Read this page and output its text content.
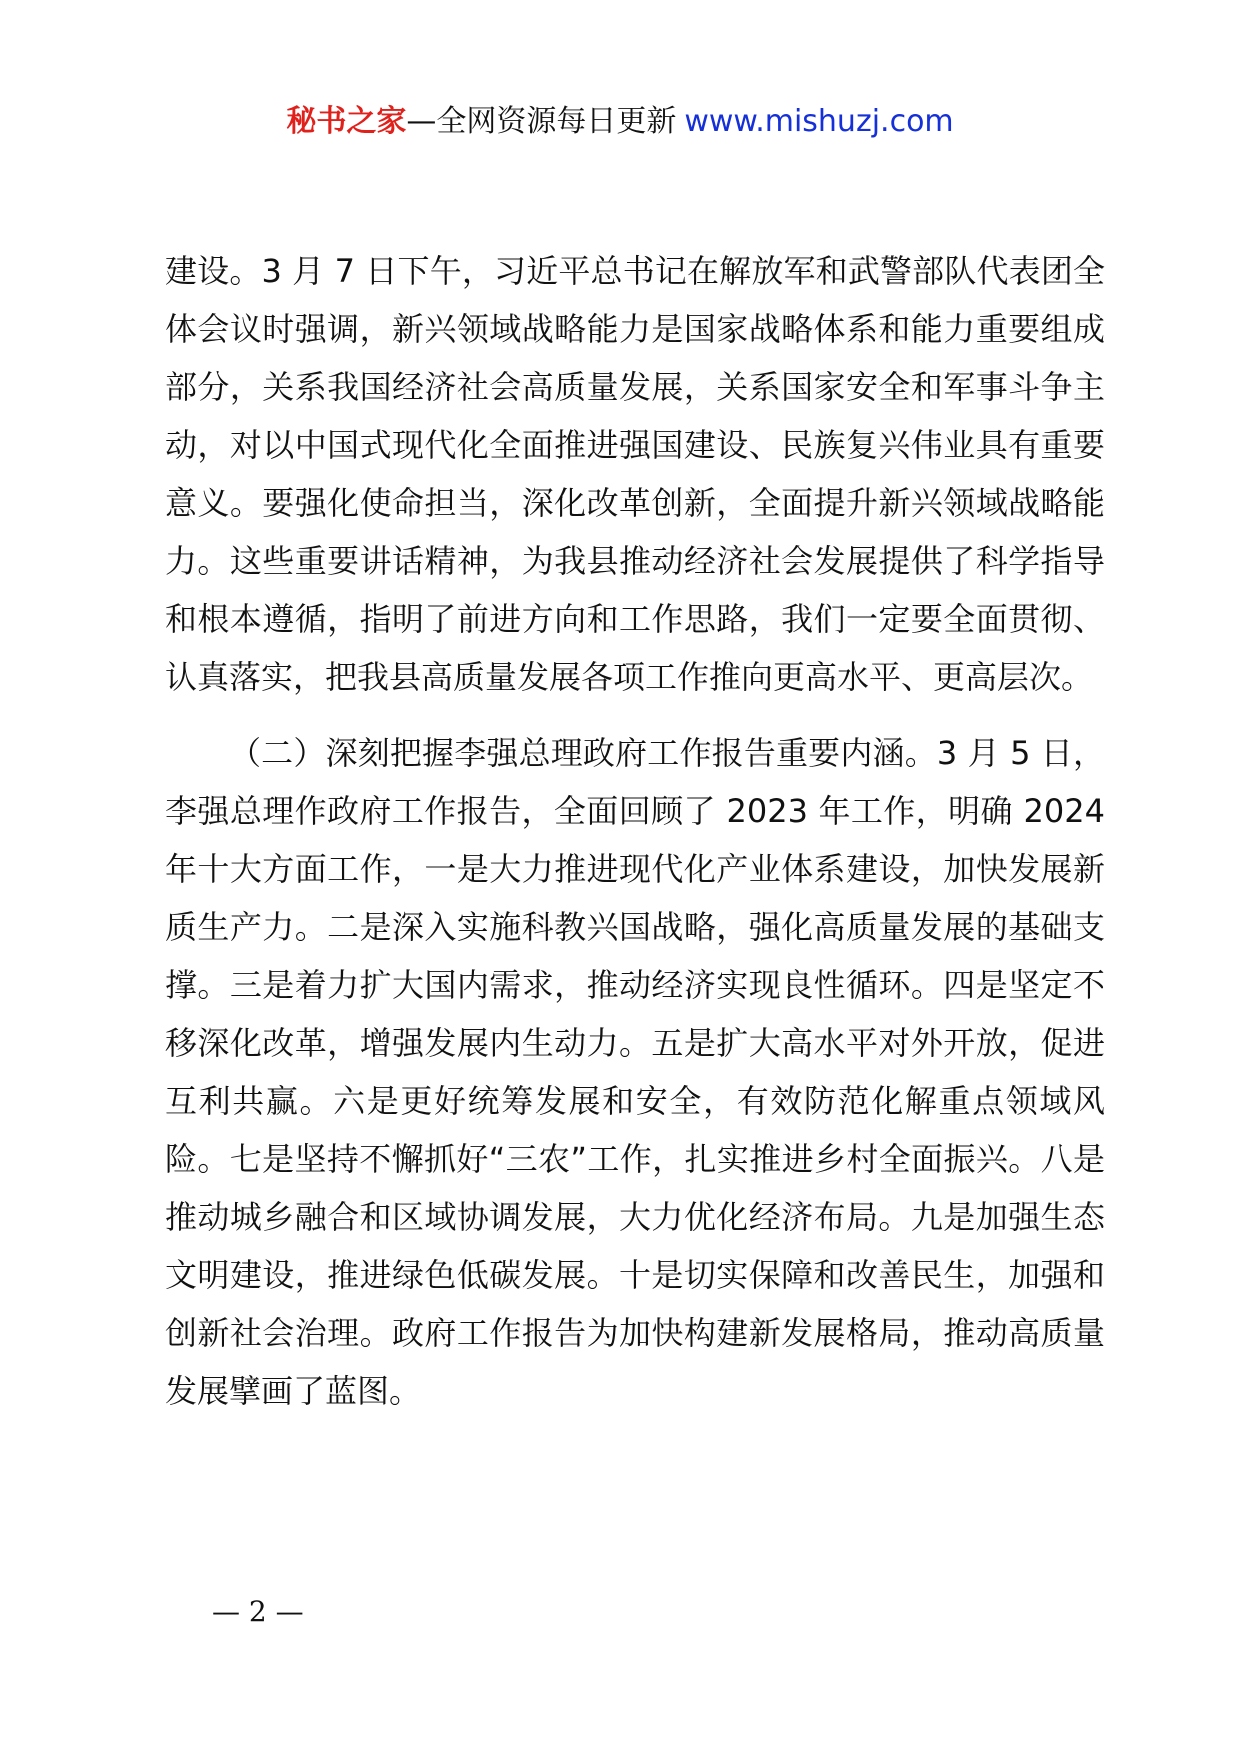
秘书之家—全网资源每日更新 www.mishuzj.com

建设。3 月 7 日下午，习近平总书记在解放军和武警部队代表团全体会议时强调，新兴领域战略能力是国家战略体系和能力重要组成部分，关系我国经济社会高质量发展，关系国家安全和军事斗争主动，对以中国式现代化全面推进强国建设、民族复兴伟业具有重要意义。要强化使命担当，深化改革创新，全面提升新兴领域战略能力。这些重要讲话精神，为我县推动经济社会发展提供了科学指导和根本遵循，指明了前进方向和工作思路，我们一定要全面贯彻、认真落实，把我县高质量发展各项工作推向更高水平、更高层次。

（二）深刻把握李强总理政府工作报告重要内涵。3 月 5 日，李强总理作政府工作报告，全面回顾了 2023 年工作，明确 2024 年十大方面工作，一是大力推进现代化产业体系建设，加快发展新质生产力。二是深入实施科教兴国战略，强化高质量发展的基础支撑。三是着力扩大国内需求，推动经济实现良性循环。四是坚定不移深化改革，增强发展内生动力。五是扩大高水平对外开放，促进互利共赢。六是更好统筹发展和安全，有效防范化解重点领域风险。七是坚持不懈抓好“三农”工作，扎实推进乡村全面振兴。八是推动城乡融合和区域协调发展，大力优化经济布局。九是加强生态文明建设，推进绿色低碳发展。十是切实保障和改善民生，加强和创新社会治理。政府工作报告为加快构建新发展格局，推动高质量发展擘画了蓝图。

— 2 —
